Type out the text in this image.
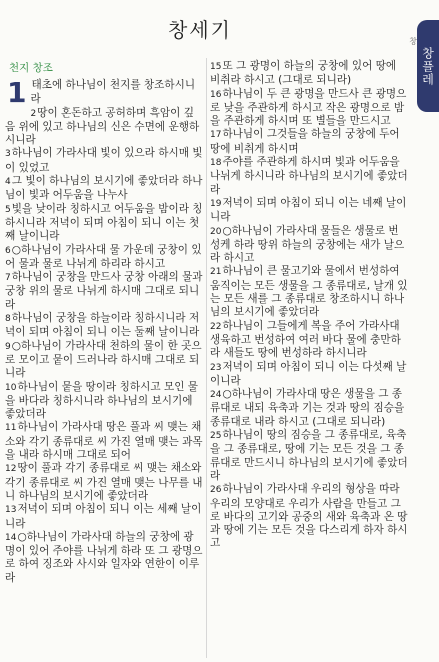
창세기	창
창플레
천지 창조
1 태초에 하나님이 천지를 창조하시니라
2땅이 혼돈하고 공허하며 흑암이 깊음 위에 있고 하나님의 신은 수면에 운행하시니라
3하나님이 가라사대 빛이 있으라 하시매 빛이 있었고
4그 빛이 하나님의 보시기에 좋았더라 하나님이 빛과 어두움을 나누사
5빛을 낮이라 칭하시고 어두움을 밤이라 칭하시니라 저녁이 되며 아침이 되니 이는 첫째 날이니라
6○하나님이 가라사대 물 가운데 궁창이 있어 물과 물로 나뉘게 하리라 하시고
7하나님이 궁창을 만드사 궁창 아래의 물과 궁창 위의 물로 나뉘게 하시매 그대로 되니라
8하나님이 궁창을 하늘이라 칭하시니라 저녁이 되며 아침이 되니 이는 둘째 날이니라
9○하나님이 가라사대 천하의 물이 한 곳으로 모이고 뭍이 드러나라 하시매 그대로 되니라
10하나님이 뭍을 땅이라 칭하시고 모인 물을 바다라 칭하시니라 하나님의 보시기에 좋았더라
11하나님이 가라사대 땅은 풀과 씨 맺는 채소와 각기 종류대로 씨 가진 열매 맺는 과목을 내라 하시매 그대로 되어
12땅이 풀과 각기 종류대로 씨 맺는 채소와 각기 종류대로 씨 가진 열매 맺는 나무를 내니 하나님의 보시기에 좋았더라
13저녁이 되며 아침이 되니 이는 세째 날이니라
14○하나님이 가라사대 하늘의 궁창에 광명이 있어 주야를 나뉘게 하라 또 그 광명으로 하여 징조와 사시와 일자와 연한이 이루라
15또 그 광명이 하늘의 궁창에 있어 땅에 비취라 하시고 (그대로 되니라)
16하나님이 두 큰 광명을 만드사 큰 광명으로 낮을 주관하게 하시고 작은 광명으로 밤을 주관하게 하시며 또 별들을 만드시고
17하나님이 그것들을 하늘의 궁창에 두어 땅에 비취게 하시며
18주야를 주관하게 하시며 빛과 어두움을 나뉘게 하시니라 하나님의 보시기에 좋았더라
19저녁이 되며 아침이 되니 이는 네째 날이니라
20○하나님이 가라사대 물들은 생물로 번성케 하라 땅위 하늘의 궁창에는 새가 날으라 하시고
21하나님이 큰 물고기와 물에서 번성하여 움직이는 모든 생물을 그 종류대로, 날개 있는 모든 새를 그 종류대로 창조하시니 하나님의 보시기에 좋았더라
22하나님이 그들에게 복을 주어 가라사대 생육하고 번성하여 여러 바다 물에 충만하라 새들도 땅에 번성하라 하시니라
23저녁이 되며 아침이 되니 이는 다섯째 날이니라
24○하나님이 가라사대 땅은 생물을 그 종류대로 내되 육축과 기는 것과 땅의 짐승을 종류대로 내라 하시고 (그대로 되니라)
25하나님이 땅의 짐승을 그 종류대로, 육축을 그 종류대로, 땅에 기는 모든 것을 그 종류대로 만드시니 하나님의 보시기에 좋았더라
26하나님이 가라사대 우리의 형상을 따라 우리의 모양대로 우리가 사람을 만들고 그로 바다의 고기와 공중의 새와 육축과 온 땅과 땅에 기는 모든 것을 다스리게 하자 하시고
